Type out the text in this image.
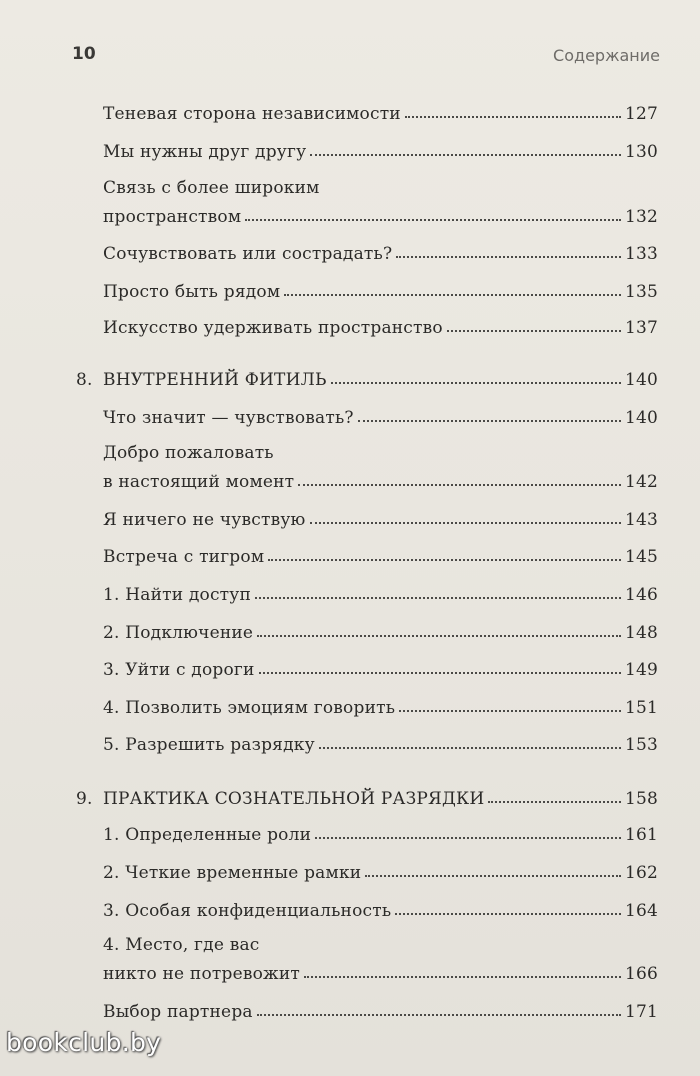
10	Содержание
Теневая сторона независимости	127
Мы нужны друг другу	130
Связь с более широким
пространством	132
Сочувствовать или сострадать?	133
Просто быть рядом	135
Искусство удерживать пространство	137
8. ВНУТРЕННИЙ ФИТИЛЬ	140
Что значит — чувствовать?	140
Добро пожаловать
в настоящий момент	142
Я ничего не чувствую	143
Встреча с тигром	145
1. Найти доступ	146
2. Подключение	148
3. Уйти с дороги	149
4. Позволить эмоциям говорить	151
5. Разрешить разрядку	153
9. ПРАКТИКА СОЗНАТЕЛЬНОЙ РАЗРЯДКИ	158
1. Определенные роли	161
2. Четкие временные рамки	162
3. Особая конфиденциальность	164
4. Место, где вас
никто не потревожит	166
Выбор партнера	171
bookclub.by
